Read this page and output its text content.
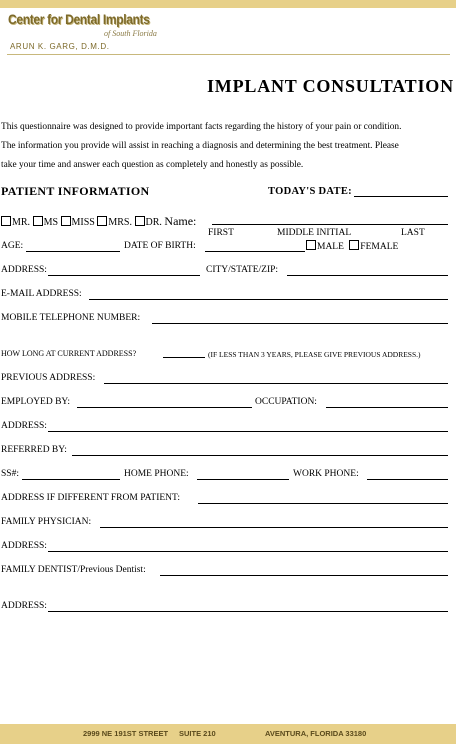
Center for Dental Implants
of South Florida
ARUN K. GARG, D.M.D.
IMPLANT CONSULTATION
This questionnaire was designed to provide important facts regarding the history of your pain or condition.
The information you provide will assist in reaching a diagnosis and determining the best treatment. Please
take your time and answer each question as completely and honestly as possible.
PATIENT INFORMATION	TODAY'S DATE:
MR. MS MISS MRS. DR. Name:
FIRST	MIDDLE INITIAL	LAST
AGE:	DATE OF BIRTH:	MALE FEMALE
ADDRESS:	CITY/STATE/ZIP:
E-MAIL ADDRESS:
MOBILE TELEPHONE NUMBER:
HOW LONG AT CURRENT ADDRESS?	(IF LESS THAN 3 YEARS, PLEASE GIVE PREVIOUS ADDRESS.)
PREVIOUS ADDRESS:
EMPLOYED BY:	OCCUPATION:
ADDRESS:
REFERRED BY:
SS#:	HOME PHONE:	WORK PHONE:
ADDRESS IF DIFFERENT FROM PATIENT:
FAMILY PHYSICIAN:
ADDRESS:
FAMILY DENTIST/Previous Dentist:
ADDRESS:
2999 NE 191ST STREET SUITE 210	AVENTURA, FLORIDA 33180
